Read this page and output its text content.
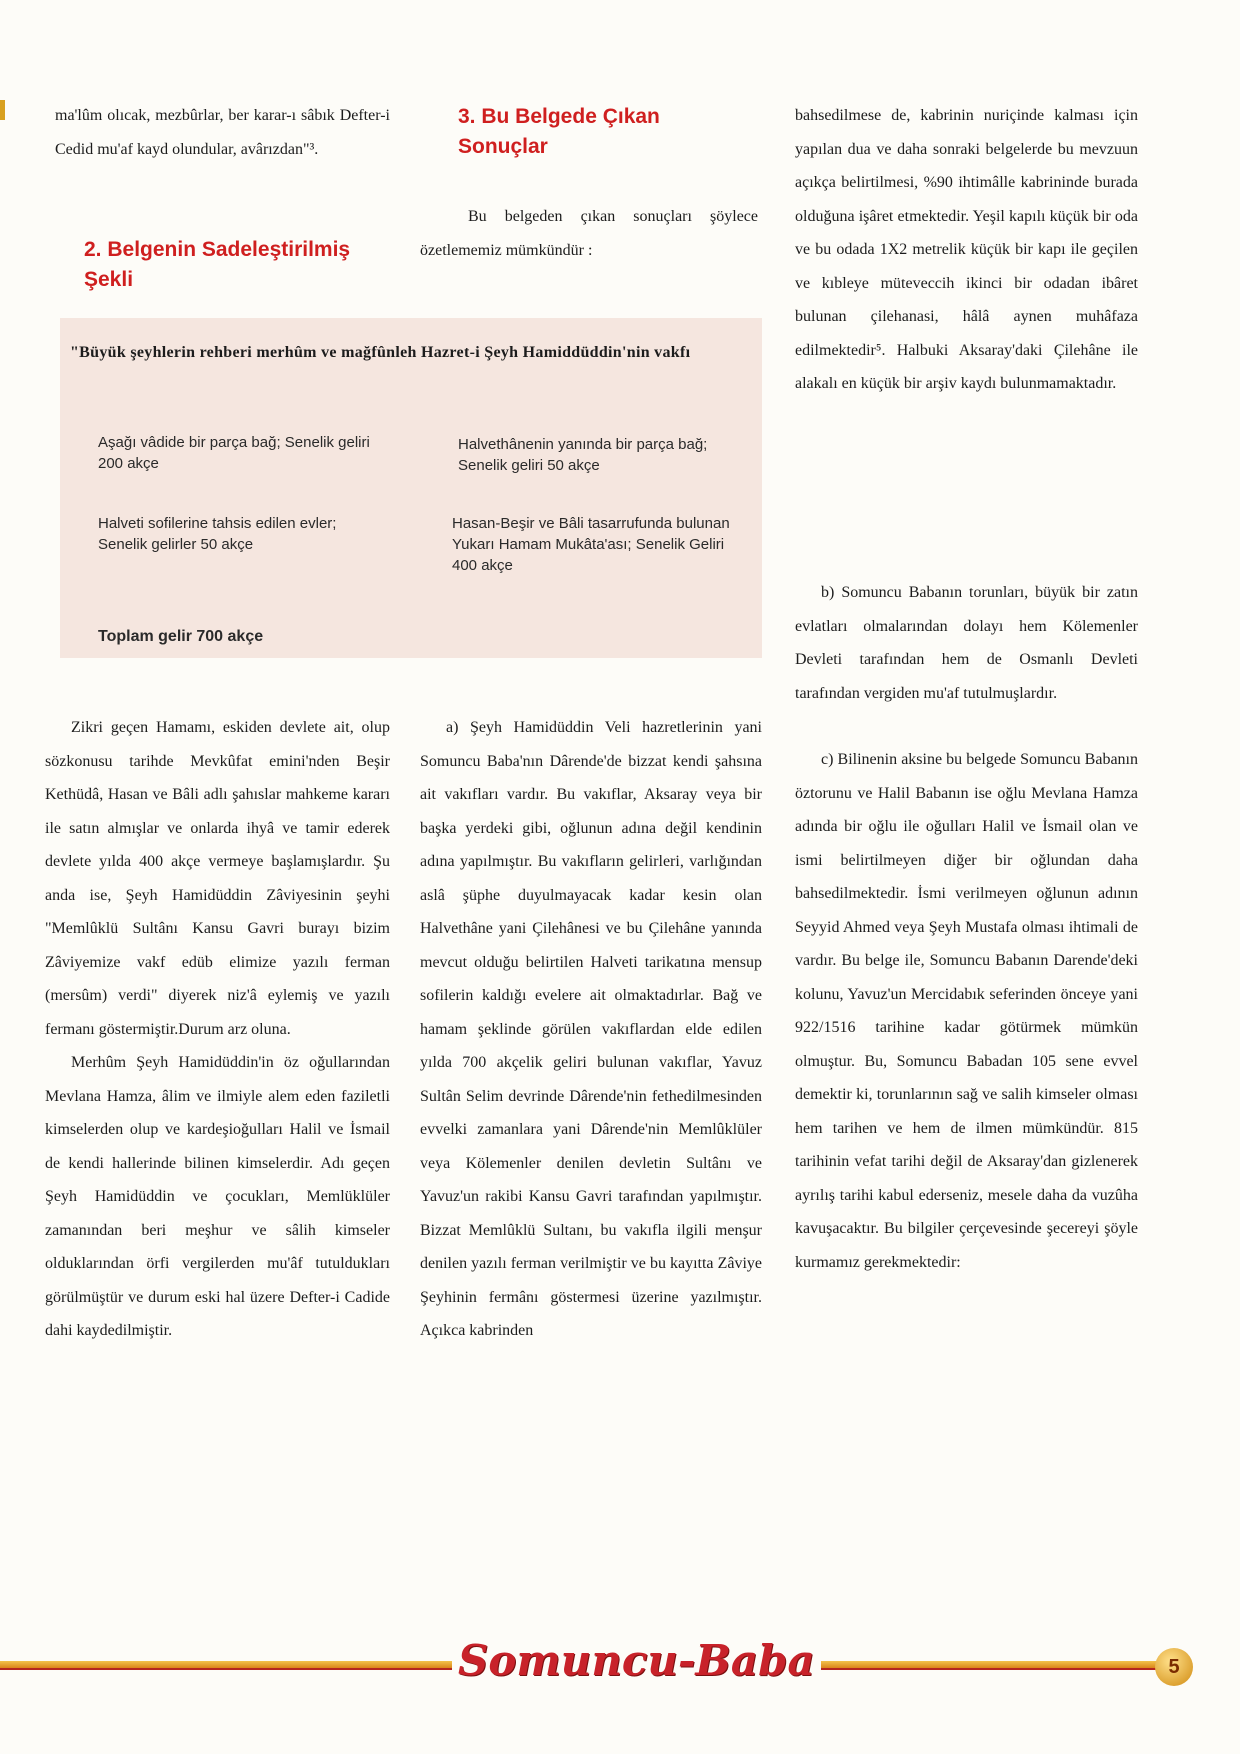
ma'lûm olıcak, mezbûrlar, ber karar-ı sâbık Defter-i Cedid mu'af kayd olundular, avârızdan"³.

2. Belgenin Sadeleştirilmiş Şekli
3. Bu Belgede Çıkan Sonuçlar
Bu belgeden çıkan sonuçları şöylece özetlememiz mümkündür :

bahsedilmese de, kabrinin nuriçinde kalması için yapılan dua ve daha sonraki belgelerde bu mevzuun açıkça belirtilmesi, %90 ihtimâlle kabrininde burada olduğuna işâret etmektedir. Yeşil kapılı küçük bir oda ve bu odada 1X2 metrelik küçük bir kapı ile geçilen ve kıbleye müteveccih ikinci bir odadan ibâret bulunan çilehanasi, hâlâ aynen muhâfaza edilmektedir⁵. Halbuki Aksaray'daki Çilehâne ile alakalı en küçük bir arşiv kaydı bulunmamaktadır.

"Büyük şeyhlerin rehberi merhûm ve mağfûnleh Hazret-i Şeyh Hamiddüddin'nin vakfı
Aşağı vâdide bir parça bağ; Senelik geliri 200 akçe
Halvethânenin yanında bir parça bağ; Senelik geliri 50 akçe
Halveti sofilerine tahsis edilen evler; Senelik gelirler 50 akçe
Hasan-Beşir ve Bâli tasarrufunda bulunan Yukarı Hamam Mukâta'ası; Senelik Geliri 400 akçe
Toplam gelir 700 akçe

Zikri geçen Hamamı, eskiden devlete ait, olup sözkonusu tarihde Mevkûfat emini'nden Beşir Kethüdâ, Hasan ve Bâli adlı şahıslar mahkeme kararı ile satın almışlar ve onlarda ihyâ ve tamir ederek devlete yılda 400 akçe vermeye başlamışlardır. Şu anda ise, Şeyh Hamidüddin Zâviyesinin şeyhi "Memlûklü Sultânı Kansu Gavri burayı bizim Zâviyemize vakf edüb elimize yazılı ferman (mersûm) verdi" diyerek niz'â eylemiş ve yazılı fermanı göstermiştir.Durum arz oluna.

Merhûm Şeyh Hamidüddin'in öz oğullarından Mevlana Hamza, âlim ve ilmiyle alem eden faziletli kimselerden olup ve kardeşioğulları Halil ve İsmail de kendi hallerinde bilinen kimselerdir. Adı geçen Şeyh Hamidüddin ve çocukları, Memlüklüler zamanından beri meşhur ve sâlih kimseler olduklarından örfi vergilerden mu'âf tutuldukları görülmüştür ve durum eski hal üzere Defter-i Cadide dahi kaydedilmiştir.

a) Şeyh Hamidüddin Veli hazretlerinin yani Somuncu Baba'nın Dârende'de bizzat kendi şahsına ait vakıfları vardır. Bu vakıflar, Aksaray veya bir başka yerdeki gibi, oğlunun adına değil kendinin adına yapılmıştır. Bu vakıfların gelirleri, varlığından aslâ şüphe duyulmayacak kadar kesin olan Halvethâne yani Çilehânesi ve bu Çilehâne yanında mevcut olduğu belirtilen Halveti tarikatına mensup sofilerin kaldığı evelere ait olmaktadırlar. Bağ ve hamam şeklinde görülen vakıflardan elde edilen yılda 700 akçelik geliri bulunan vakıflar, Yavuz Sultân Selim devrinde Dârende'nin fethedilmesinden evvelki zamanlara yani Dârende'nin Memlûklüler veya Kölemenler denilen devletin Sultânı ve Yavuz'un rakibi Kansu Gavri tarafından yapılmıştır. Bizzat Memlûklü Sultanı, bu vakıfla ilgili menşur denilen yazılı ferman verilmiştir ve bu kayıtta Zâviye Şeyhinin fermânı göstermesi üzerine yazılmıştır. Açıkca kabrinden

b) Somuncu Babanın torunları, büyük bir zatın evlatları olmalarından dolayı hem Kölemenler Devleti tarafından hem de Osmanlı Devleti tarafından vergiden mu'af tutulmuşlardır.

c) Bilinenin aksine bu belgede Somuncu Babanın öztorunu ve Halil Babanın ise oğlu Mevlana Hamza adında bir oğlu ile oğulları Halil ve İsmail olan ve ismi belirtilmeyen diğer bir oğlundan daha bahsedilmektedir. İsmi verilmeyen oğlunun adının Seyyid Ahmed veya Şeyh Mustafa olması ihtimali de vardır. Bu belge ile, Somuncu Babanın Darende'deki kolunu, Yavuz'un Mercidabık seferinden önceye yani 922/1516 tarihine kadar götürmek mümkün olmuştur. Bu, Somuncu Babadan 105 sene evvel demektir ki, torunlarının sağ ve salih kimseler olması hem tarihen ve hem de ilmen mümkündür. 815 tarihinin vefat tarihi değil de Aksaray'dan gizlenerek ayrılış tarihi kabul ederseniz, mesele daha da vuzûha kavuşacaktır. Bu bilgiler çerçevesinde şecereyi şöyle kurmamız gerekmektedir:

Somuncu-Baba	5
